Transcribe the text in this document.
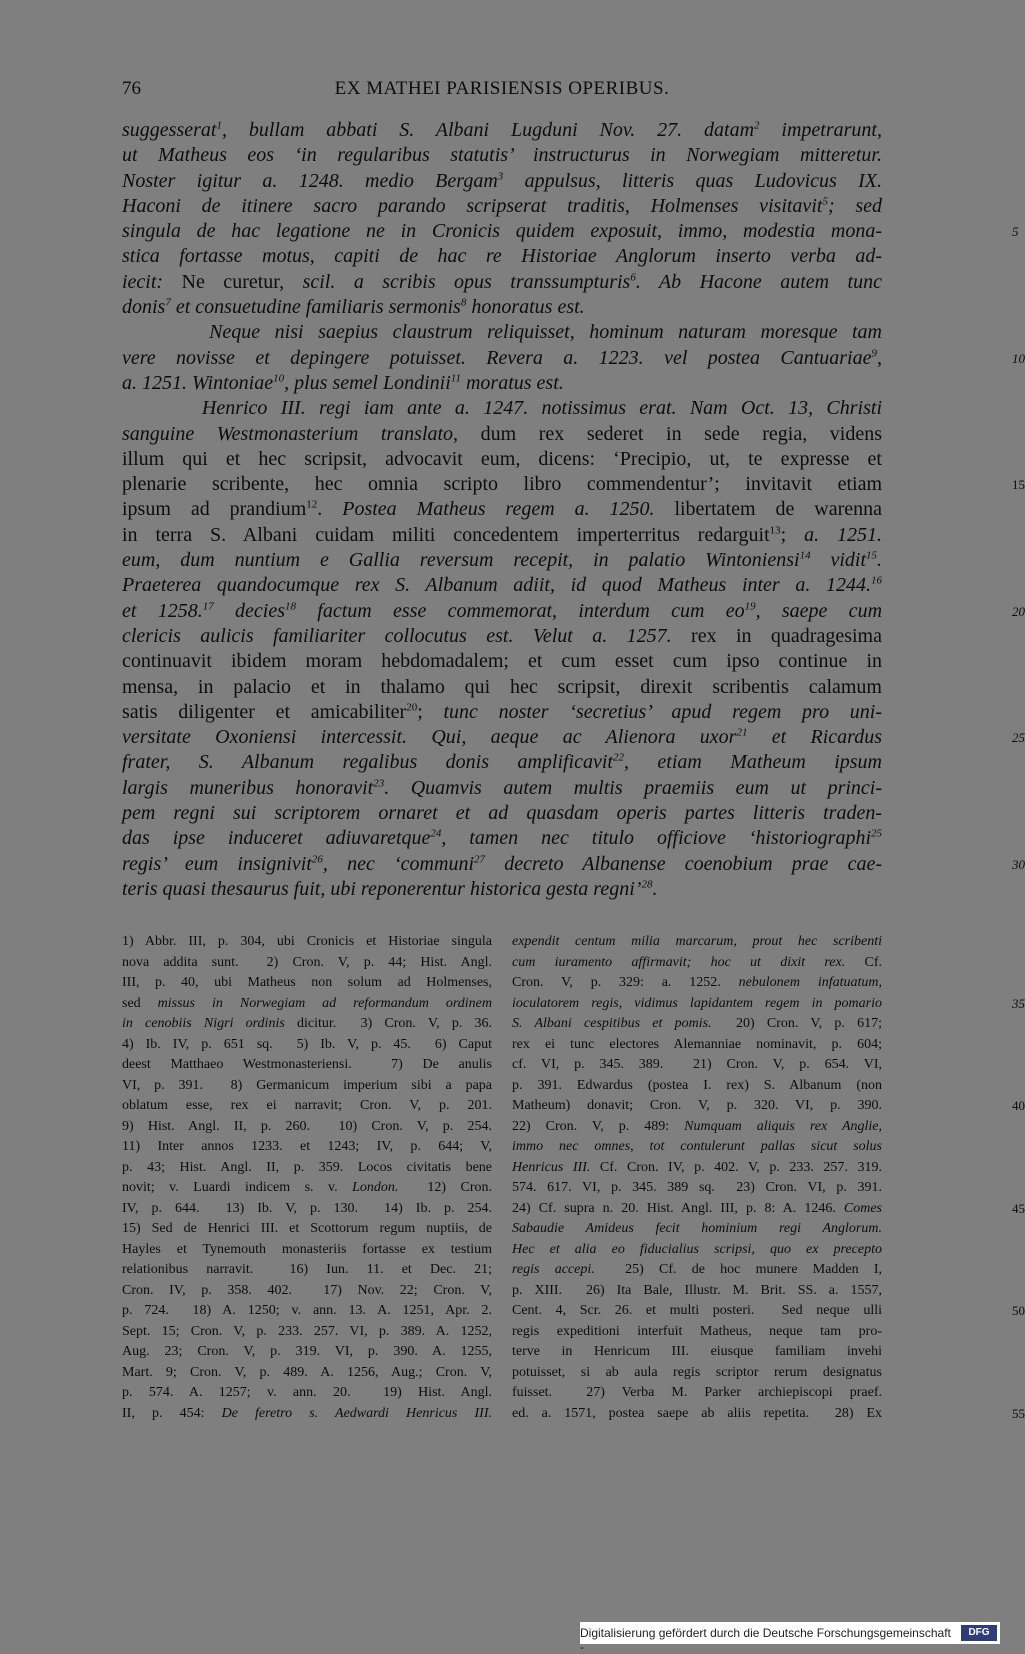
76	EX MATHEI PARISIENSIS OPERIBUS.
suggesserat$^1$, bullam abbati S. Albani Lugduni Nov. 27. datam$^2$ impetrarunt,
ut Matheus eos ‘in regularibus statutis’ instructurus in Norwegiam mitteretur.
Noster igitur a. 1248. medio Bergam$^3$ appulsus, litteris quas Ludovicus IX.
Haconi de itinere sacro parando scripserat traditis, Holmenses visitavit$^5$; sed
singula de hac legatione ne in Cronicis quidem exposuit, immo, modestia mona-	5
stica fortasse motus, capiti de hac re Historiae Anglorum inserto verba ad-
iecit: Ne curetur, scil. a scribis opus transsumpturis$^6$. Ab Hacone autem tunc
donis$^7$ et consuetudine familiaris sermonis$^8$ honoratus est.
Neque nisi saepius claustrum reliquisset, hominum naturam moresque tam
vere novisse et depingere potuisset. Revera a. 1223. vel postea Cantuariae$^9$,	10
a. 1251. Wintoniae$^{10}$, plus semel Londinii$^{11}$ moratus est.
Henrico III. regi iam ante a. 1247. notissimus erat. Nam Oct. 13, Christi
sanguine Westmonasterium translato, dum rex sederet in sede regia, videns
illum qui et hec scripsit, advocavit eum, dicens: ‘Precipio, ut, te expresse et
plenarie scribente, hec omnia scripto libro commendentur’; invitavit etiam	15
ipsum ad prandium$^{12}$. Postea Matheus regem a. 1250. libertatem de warenna
in terra S. Albani cuidam militi concedentem imperterritus redarguit$^{13}$; a. 1251.
eum, dum nuntium e Gallia reversum recepit, in palatio Wintoniensi$^{14}$ vidit$^{15}$.
Praeterea quandocumque rex S. Albanum adiit, id quod Matheus inter a. 1244.16
et 1258.17 decies$^{18}$ factum esse commemorat, interdum cum $eo^{19}$, saepe cum	20
clericis aulicis familiariter collocutus est. Velut a. 1257. rex in quadragesima
continuavit ibidem moram hebdomadalem; et cum esset cum ipso continue in
mensa, in palacio et in thalamo qui hec scripsit, direxit scribentis calamum
satis diligenter et amicabiliter$^{20}$; tunc noster ‘secretius’ apud regem pro uni-
versitate Oxoniensi intercessit. Qui, aeque ac Alienora uxor$^{21}$ et Ricardus	25
frater, S. Albanum regalibus donis amplificavit$^{22}$, etiam Matheum ipsum
largis muneribus honoravit$^{23}$. Quamvis autem multis praemiis eum ut princi-
pem regni sui scriptorem ornaret et ad quasdam operis partes litteris traden-
das ipse induceret adiuvaretque$^{24}$, tamen nec titulo officiove ‘historiographi$^{25}$
regis’ eum insignivit$^{26}$, nec ‘communi$^{27}$ decreto Albanense coenobium prae cae-	30
teris quasi thesaurus fuit, ubi reponerentur historica gesta regni’$^{28}$.
1) Abbr. III, p. 304, ubi Cronicis et Historiae singula
nova addita sunt.  2) Cron. V, p. 44; Hist. Angl.
III, p. 40, ubi Matheus non solum ad Holmenses,
sed missus in Norwegiam ad reformandum ordinem
in cenobiis Nigri ordinis dicitur.  3) Cron. V, p. 36.
4) Ib. IV, p. 651 sq.  5) Ib. V, p. 45.  6) Caput
deest Matthaeo Westmonasteriensi.  7) De anulis
VI, p. 391.  8) Germanicum imperium sibi a papa
oblatum esse, rex ei narravit; Cron. V, p. 201.
9) Hist. Angl. II, p. 260.  10) Cron. V, p. 254.
11) Inter annos 1233. et 1243; IV, p. 644; V,
p. 43; Hist. Angl. II, p. 359. Locos civitatis bene
novit; v. Luardi indicem s. v. London.  12) Cron.
IV, p. 644.  13) Ib. V, p. 130.  14) Ib. p. 254.
15) Sed de Henrici III. et Scottorum regum nuptiis, de
Hayles et Tynemouth monasteriis fortasse ex testium
relationibus narravit.  16) Iun. 11. et Dec. 21;
Cron. IV, p. 358. 402.  17) Nov. 22; Cron. V,
p. 724.  18) A. 1250; v. ann. 13. A. 1251, Apr. 2.
Sept. 15; Cron. V, p. 233. 257. VI, p. 389. A. 1252,
Aug. 23; Cron. V, p. 319. VI, p. 390. A. 1255,
Mart. 9; Cron. V, p. 489. A. 1256, Aug.; Cron. V,
p. 574. A. 1257; v. ann. 20.  19) Hist. Angl.
II, p. 454: De feretro s. Aedwardi Henricus III.
expendit centum milia marcarum, prout hec scribenti
cum iuramento affirmavit; hoc ut dixit rex. Cf.
Cron. V, p. 329: a. 1252. nebulonem infatuatum,
ioculatorem regis, vidimus lapidantem regem in pomario	35
S. Albani cespitibus et pomis.  20) Cron. V, p. 617;
rex ei tunc electores Alemanniae nominavit, p. 604;
cf. VI, p. 345. 389.  21) Cron. V, p. 654. VI,
p. 391. Edwardus (postea I. rex) S. Albanum (non
Matheum) donavit; Cron. V, p. 320. VI, p. 390.	40
22) Cron. V, p. 489: Numquam aliquis rex Anglie,
immo nec omnes, tot contulerunt pallas sicut solus
Henricus III. Cf. Cron. IV, p. 402. V, p. 233. 257. 319.
574. 617. VI, p. 345. 389 sq.  23) Cron. VI, p. 391.
24) Cf. supra n. 20. Hist. Angl. III, p. 8: A. 1246. Comes	45
Sabaudie Amideus fecit hominium regi Anglorum.
Hec et alia eo fiducialius scripsi, quo ex precepto
regis accepi.  25) Cf. de hoc munere Madden I,
p. XIII.  26) Ita Bale, Illustr. M. Brit. SS. a. 1557,
Cent. 4, Scr. 26. et multi posteri.  Sed neque ulli	50
regis expeditioni interfuit Matheus, neque tam pro-
terve in Henricum III. eiusque familiam invehi
potuisset, si ab aula regis scriptor rerum designatus
fuisset.  27) Verba M. Parker archiepiscopi praef.
ed. a. 1571, postea saepe ab aliis repetita.  28) Ex	55
Digitalisierung gefördert durch die Deutsche Forschungsgemeinschaft -
DFG
